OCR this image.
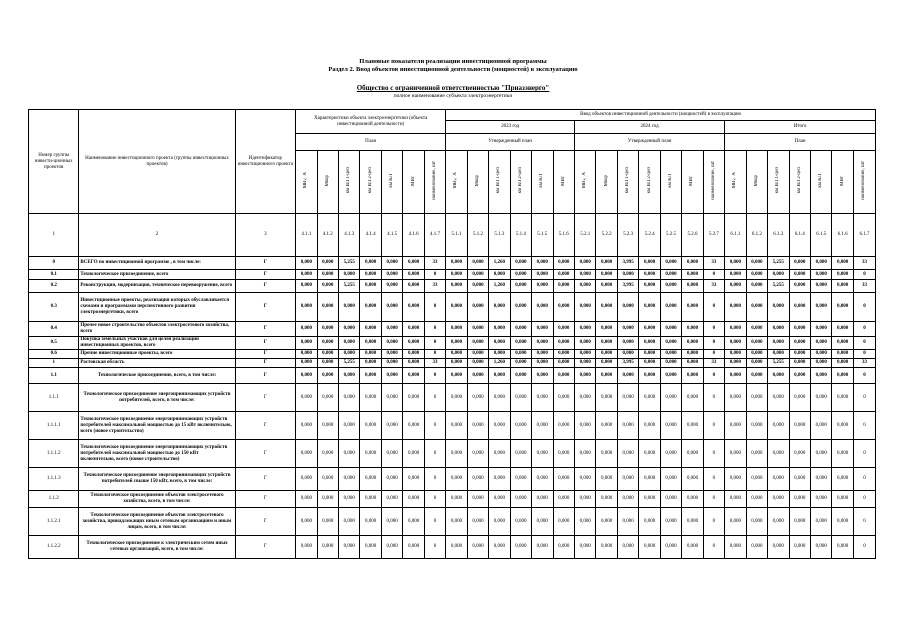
Плановые показатели реализации инвестиционной программы
Раздел 2. Ввод объектов инвестиционной деятельности (мощностей) в эксплуатацию
Общество с ограниченной ответственностью "Приазэнерго"
полное наименование субъекта электроэнергетики
Номер группы инвести-ционных проектов	Наименование инвестиционного проекта (группы инвестиционных проектов)	Идентификатор инвестиционного проекта	Характеристики объекта электроэнергетики (объекта инвестиционной деятельности)							Ввод объектов инвестиционной деятельности (мощностей) в эксплуатацию																			
										2023 год						2024 год							Итого						
			План							Утвержденный план						Утвержденный план							План						
			МВ×А	Мвар	км ВЛ 1-цеп	км ВЛ 2-цеп	км КЛ	МВт	наименование, шт	МВ×А	Мвар	км ВЛ 1-цеп	км ВЛ 2-цеп	км КЛ	МВт	МВ×А	Мвар	км ВЛ 1-цеп	км ВЛ 2-цеп	км КЛ	МВт	наименование, шт	МВ×А	Мвар	км ВЛ 1-цеп	км ВЛ 2-цеп	км КЛ	МВт	наименование, шт
1	2	3	4.1.1	4.1.2	4.1.3	4.1.4	4.1.5	4.1.6	4.1.7	5.1.1	5.1.2	5.1.3	5.1.4	5.1.5	5.1.6	5.2.1	5.2.2	5.2.3	5.2.4	5.2.5	5.2.6	5.2.7	6.1.1	6.1.2	6.1.3	6.1.4	6.1.5	6.1.6	6.1.7
0	ВСЕГО по инвестиционной программе , в том числе:	Г	0,000	0,000	5,255	0,000	0,000	0,000	33	0,000	0,000	1,260	0,000	0,000	0,000	0,000	0,000	3,995	0,000	0,000	0,000	33	0,000	0,000	5,255	0,000	0,000	0,000	33
0.1	Технологическое присоединение, всего	Г	0,000	0,000	0,000	0,000	0,000	0,000	0	0,000	0,000	0,000	0,000	0,000	0,000	0,000	0,000	0,000	0,000	0,000	0,000	0	0,000	0,000	0,000	0,000	0,000	0,000	0
0.2	Реконструкция, модернизация, техническое перевооружение, всего	Г	0,000	0,000	5,255	0,000	0,000	0,000	33	0,000	0,000	1,260	0,000	0,000	0,000	0,000	0,000	3,995	0,000	0,000	0,000	33	0,000	0,000	5,255	0,000	0,000	0,000	33
0.3	Инвестиционные проекты, реализация которых обуславливается схемами и программами перспективного развития электроэнергетики, всего	Г	0,000	0,000	0,000	0,000	0,000	0,000	0	0,000	0,000	0,000	0,000	0,000	0,000	0,000	0,000	0,000	0,000	0,000	0,000	0	0,000	0,000	0,000	0,000	0,000	0,000	0
0.4	Прочее новое строительство объектов электросетевого хозяйства, всего	Г	0,000	0,000	0,000	0,000	0,000	0,000	0	0,000	0,000	0,000	0,000	0,000	0,000	0,000	0,000	0,000	0,000	0,000	0,000	0	0,000	0,000	0,000	0,000	0,000	0,000	0
0.5	Покупка земельных участков для целей реализации инвестиционных проектов, всего	Г	0,000	0,000	0,000	0,000	0,000	0,000	0	0,000	0,000	0,000	0,000	0,000	0,000	0,000	0,000	0,000	0,000	0,000	0,000	0	0,000	0,000	0,000	0,000	0,000	0,000	0
0.6	Прочие инвестиционные проекты, всего	Г	0,000	0,000	0,000	0,000	0,000	0,000	0	0,000	0,000	0,000	0,000	0,000	0,000	0,000	0,000	0,000	0,000	0,000	0,000	0	0,000	0,000	0,000	0,000	0,000	0,000	0
1	Ростовская область	Г	0,000	0,000	5,255	0,000	0,000	0,000	33	0,000	0,000	1,260	0,000	0,000	0,000	0,000	0,000	3,995	0,000	0,000	0,000	33	0,000	0,000	5,255	0,000	0,000	0,000	33
1.1	Технологическое присоединение, всего, в том числе:	Г	0,000	0,000	0,000	0,000	0,000	0,000	0	0,000	0,000	0,000	0,000	0,000	0,000	0,000	0,000	0,000	0,000	0,000	0,000	0	0,000	0,000	0,000	0,000	0,000	0,000	0
1.1.1	Технологическое присоединение энергопринимающих устройств потребителей, всего, в том числе:	Г	0,000	0,000	0,000	0,000	0,000	0,000	0	0,000	0,000	0,000	0,000	0,000	0,000	0,000	0,000	0,000	0,000	0,000	0,000	0	0,000	0,000	0,000	0,000	0,000	0,000	0
1.1.1.1	Технологическое присоединение энергопринимающих устройств потребителей максимальной мощностью до 15 кВт включительно, всего (новое строительство)	Г	0,000	0,000	0,000	0,000	0,000	0,000	0	0,000	0,000	0,000	0,000	0,000	0,000	0,000	0,000	0,000	0,000	0,000	0,000	0	0,000	0,000	0,000	0,000	0,000	0,000	0
1.1.1.2	Технологическое присоединение энергопринимающих устройств потребителей максимальной мощностью до 150 кВт включительно, всего (новое строительство)	Г	0,000	0,000	0,000	0,000	0,000	0,000	0	0,000	0,000	0,000	0,000	0,000	0,000	0,000	0,000	0,000	0,000	0,000	0,000	0	0,000	0,000	0,000	0,000	0,000	0,000	0
1.1.1.3	Технологическое присоединение энергопринимающих устройств потребителей свыше 150 кВт, всего, в том числе:	Г	0,000	0,000	0,000	0,000	0,000	0,000	0	0,000	0,000	0,000	0,000	0,000	0,000	0,000	0,000	0,000	0,000	0,000	0,000	0	0,000	0,000	0,000	0,000	0,000	0,000	0
1.1.2	Технологическое присоединение объектов электросетевого хозяйства, всего, в том числе:	Г	0,000	0,000	0,000	0,000	0,000	0,000	0	0,000	0,000	0,000	0,000	0,000	0,000	0,000	0,000	0,000	0,000	0,000	0,000	0	0,000	0,000	0,000	0,000	0,000	0,000	0
1.1.2.1	Технологическое присоединение объектов электросетевого хозяйства, принадлежащих иным сетевым организациям и иным лицам, всего, в том числе:	Г	0,000	0,000	0,000	0,000	0,000	0,000	0	0,000	0,000	0,000	0,000	0,000	0,000	0,000	0,000	0,000	0,000	0,000	0,000	0	0,000	0,000	0,000	0,000	0,000	0,000	0
1.1.2.2	Технологическое присоединение к электрическим сетям иных сетевых организаций, всего, в том числе:	Г	0,000	0,000	0,000	0,000	0,000	0,000	0	0,000	0,000	0,000	0,000	0,000	0,000	0,000	0,000	0,000	0,000	0,000	0,000	0	0,000	0,000	0,000	0,000	0,000	0,000	0
